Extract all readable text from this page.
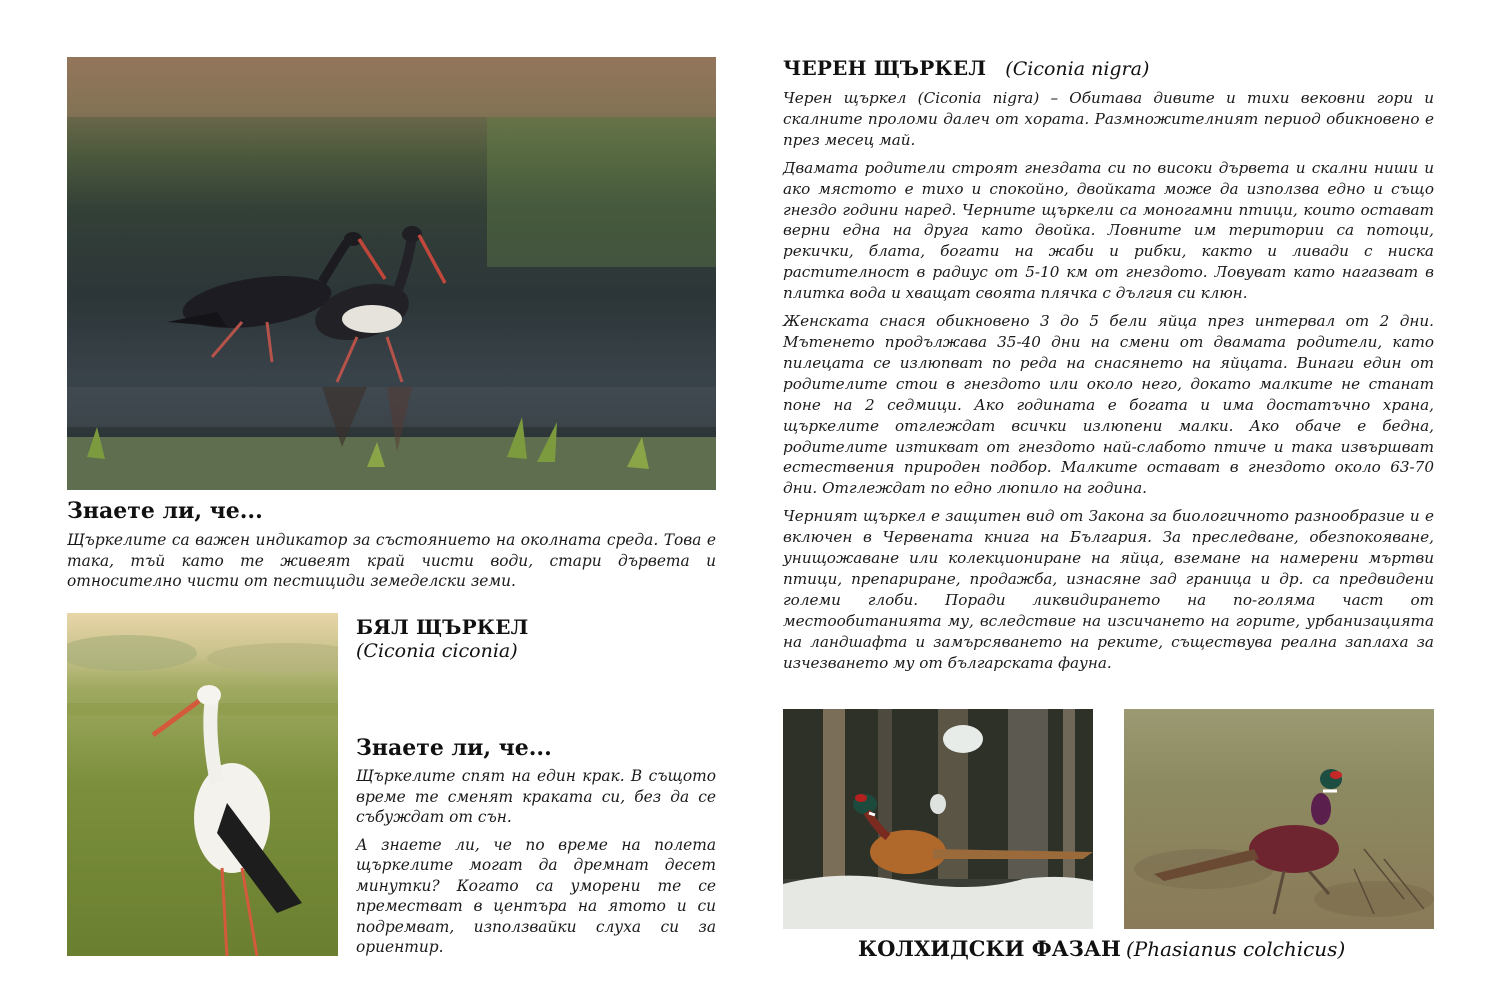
Знаете ли, че...

Щъркелите са важен индикатор за състоянието на околната среда. Това е така, тъй като те живеят край чисти води, стари дървета и относително чисти от пестициди земеделски земи.

БЯЛ ЩЪРКЕЛ
(Ciconia ciconia)
Знаете ли, че...

Щъркелите спят на един крак. В същото време те сменят краката си, без да се събуждат от сън.

А знаете ли, че по време на полета щъркелите могат да дремнат десет минутки? Когато са уморени те се преместват в центъра на ятото и си подремват, използвайки слуха си за ориентир.

ЧЕРЕН ЩЪРКЕЛ (Ciconia nigra)

Черен щъркел (Ciconia nigra) – Обитава дивите и тихи вековни гори и скалните проломи далеч от хората. Размножителният период обикновено е през месец май.

Двамата родители строят гнездата си по високи дървета и скални ниши и ако мястото е тихо и спокойно, двойката може да използва едно и също гнездо години наред. Черните щъркели са моногамни птици, които остават верни една на друга като двойка. Ловните им територии са потоци, рекички, блата, богати на жаби и рибки, както и ливади с ниска растителност в радиус от 5-10 км от гнездото. Ловуват като нагазват в плитка вода и хващат своята плячка с дългия си клюн.

Женската снася обикновено 3 до 5 бели яйца през интервал от 2 дни. Мътенето продължава 35-40 дни на смени от двамата родители, като пилецата се излюпват по реда на снасянето на яйцата. Винаги един от родителите стои в гнездото или около него, докато малките не станат поне на 2 седмици. Ако годината е богата и има достатъчно храна, щъркелите отглеждат всички излюпени малки. Ако обаче е бедна, родителите изтикват от гнездото най-слабото птиче и така извършват естествения природен подбор. Малките остават в гнездото около 63-70 дни. Отглеждат по едно люпило на година.

Черният щъркел е защитен вид от Закона за биологичното разнообразие и е включен в Червената книга на България. За преследване, обезпокояване, унищожаване или колекциониране на яйца, вземане на намерени мъртви птици, препариране, продажба, изнасяне зад граница и др. са предвидени големи глоби. Поради ликвидирането на по-голяма част от местообитанията му, вследствие на изсичането на горите, урбанизацията на ландшафта и замърсяването на реките, съществува реална заплаха за изчезването му от българската фауна.

КОЛХИДСКИ ФАЗАН (Phasianus colchicus)
